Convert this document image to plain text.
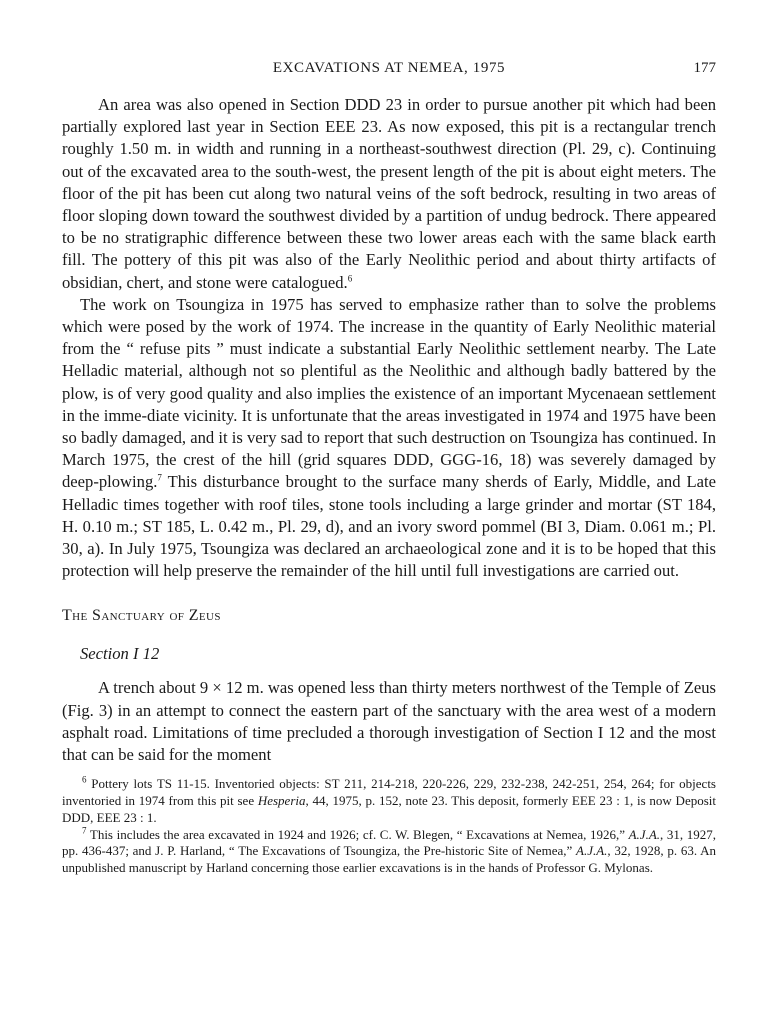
EXCAVATIONS AT NEMEA, 1975	177

An area was also opened in Section DDD 23 in order to pursue another pit which had been partially explored last year in Section EEE 23. As now exposed, this pit is a rectangular trench roughly 1.50 m. in width and running in a northeast-southwest direction (Pl. 29, c). Continuing out of the excavated area to the south-west, the present length of the pit is about eight meters. The floor of the pit has been cut along two natural veins of the soft bedrock, resulting in two areas of floor sloping down toward the southwest divided by a partition of undug bedrock. There appeared to be no stratigraphic difference between these two lower areas each with the same black earth fill. The pottery of this pit was also of the Early Neolithic period and about thirty artifacts of obsidian, chert, and stone were catalogued.$^6$

The work on Tsoungiza in 1975 has served to emphasize rather than to solve the problems which were posed by the work of 1974. The increase in the quantity of Early Neolithic material from the “ refuse pits ” must indicate a substantial Early Neolithic settlement nearby. The Late Helladic material, although not so plentiful as the Neolithic and although badly battered by the plow, is of very good quality and also implies the existence of an important Mycenaean settlement in the imme-diate vicinity. It is unfortunate that the areas investigated in 1974 and 1975 have been so badly damaged, and it is very sad to report that such destruction on Tsoungiza has continued. In March 1975, the crest of the hill (grid squares DDD, GGG-16, 18) was severely damaged by deep-plowing.$^7$ This disturbance brought to the surface many sherds of Early, Middle, and Late Helladic times together with roof tiles, stone tools including a large grinder and mortar (ST 184, H. 0.10 m.; ST 185, L. 0.42 m., Pl. 29, d), and an ivory sword pommel (BI 3, Diam. 0.061 m.; Pl. 30, a). In July 1975, Tsoungiza was declared an archaeological zone and it is to be hoped that this protection will help preserve the remainder of the hill until full investigations are carried out.

The Sanctuary of Zeus
Section I 12

A trench about 9 × 12 m. was opened less than thirty meters northwest of the Temple of Zeus (Fig. 3) in an attempt to connect the eastern part of the sanctuary with the area west of a modern asphalt road. Limitations of time precluded a thorough investigation of Section I 12 and the most that can be said for the moment

$^6$ Pottery lots TS 11-15. Inventoried objects: ST 211, 214-218, 220-226, 229, 232-238, 242-251, 254, 264; for objects inventoried in 1974 from this pit see Hesperia, 44, 1975, p. 152, note 23. This deposit, formerly EEE 23 : 1, is now Deposit DDD, EEE 23 : 1.

$^7$ This includes the area excavated in 1924 and 1926; cf. C. W. Blegen, “ Excavations at Nemea, 1926,” A.J.A., 31, 1927, pp. 436-437; and J. P. Harland, “ The Excavations of Tsoungiza, the Pre-historic Site of Nemea,” A.J.A., 32, 1928, p. 63. An unpublished manuscript by Harland concerning those earlier excavations is in the hands of Professor G. Mylonas.
